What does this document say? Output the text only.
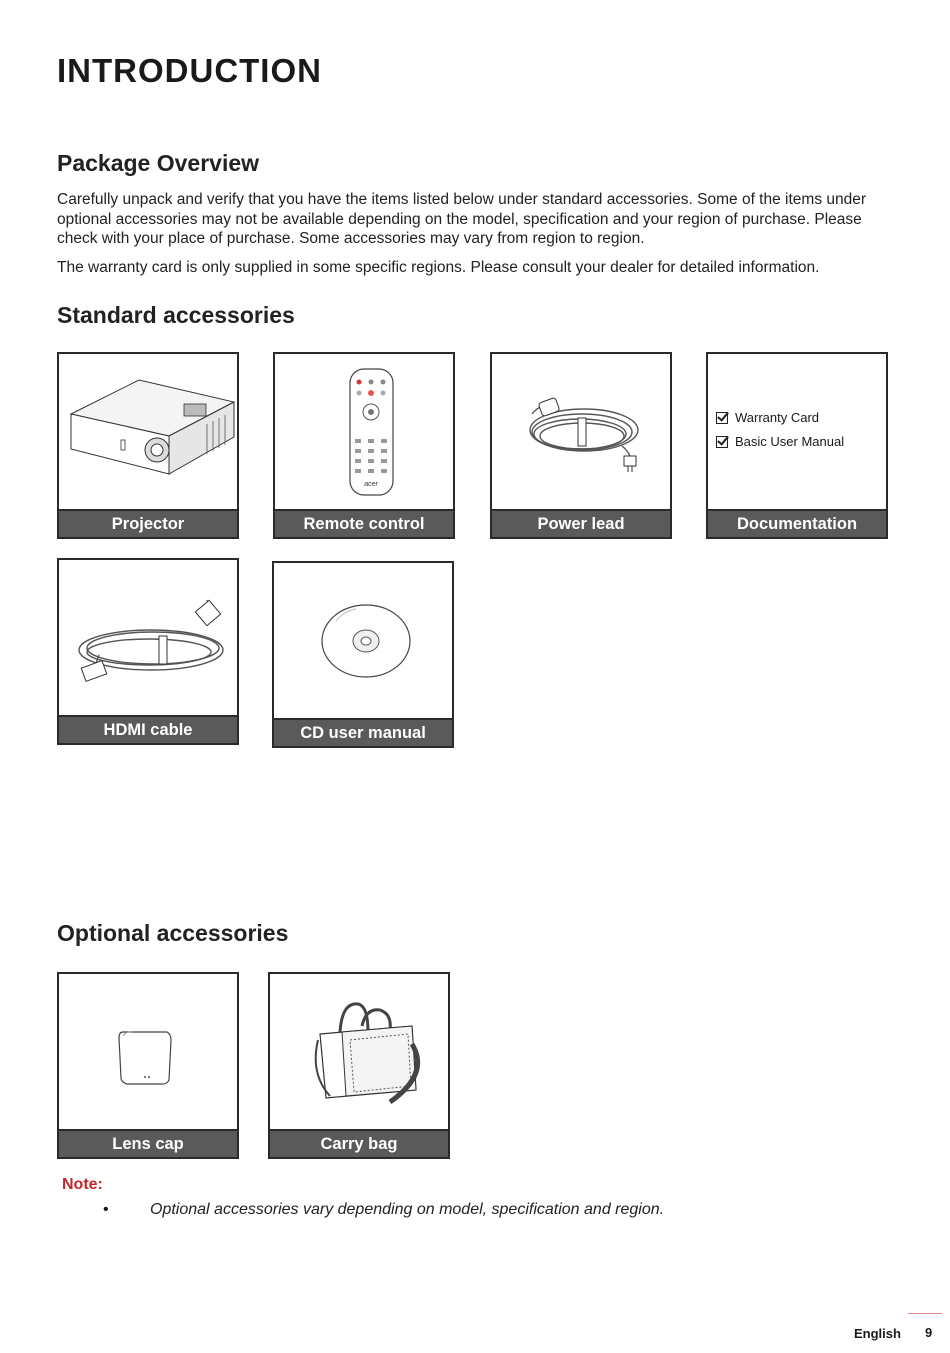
INTRODUCTION
Package Overview

Carefully unpack and verify that you have the items listed below under standard accessories. Some of the items under optional accessories may not be available depending on the model, specification and your region of purchase. Please check with your place of purchase. Some accessories may vary from region to region.

The warranty card is only supplied in some specific regions. Please consult your dealer for detailed information.

Standard accessories
Projector
acer
Remote control	Power lead
Warranty Card
Basic User Manual
Documentation
HDMI cable	CD user manual
Optional accessories
Lens cap	Carry bag
Note:
•	Optional accessories vary depending on model, specification and region.
English 9
